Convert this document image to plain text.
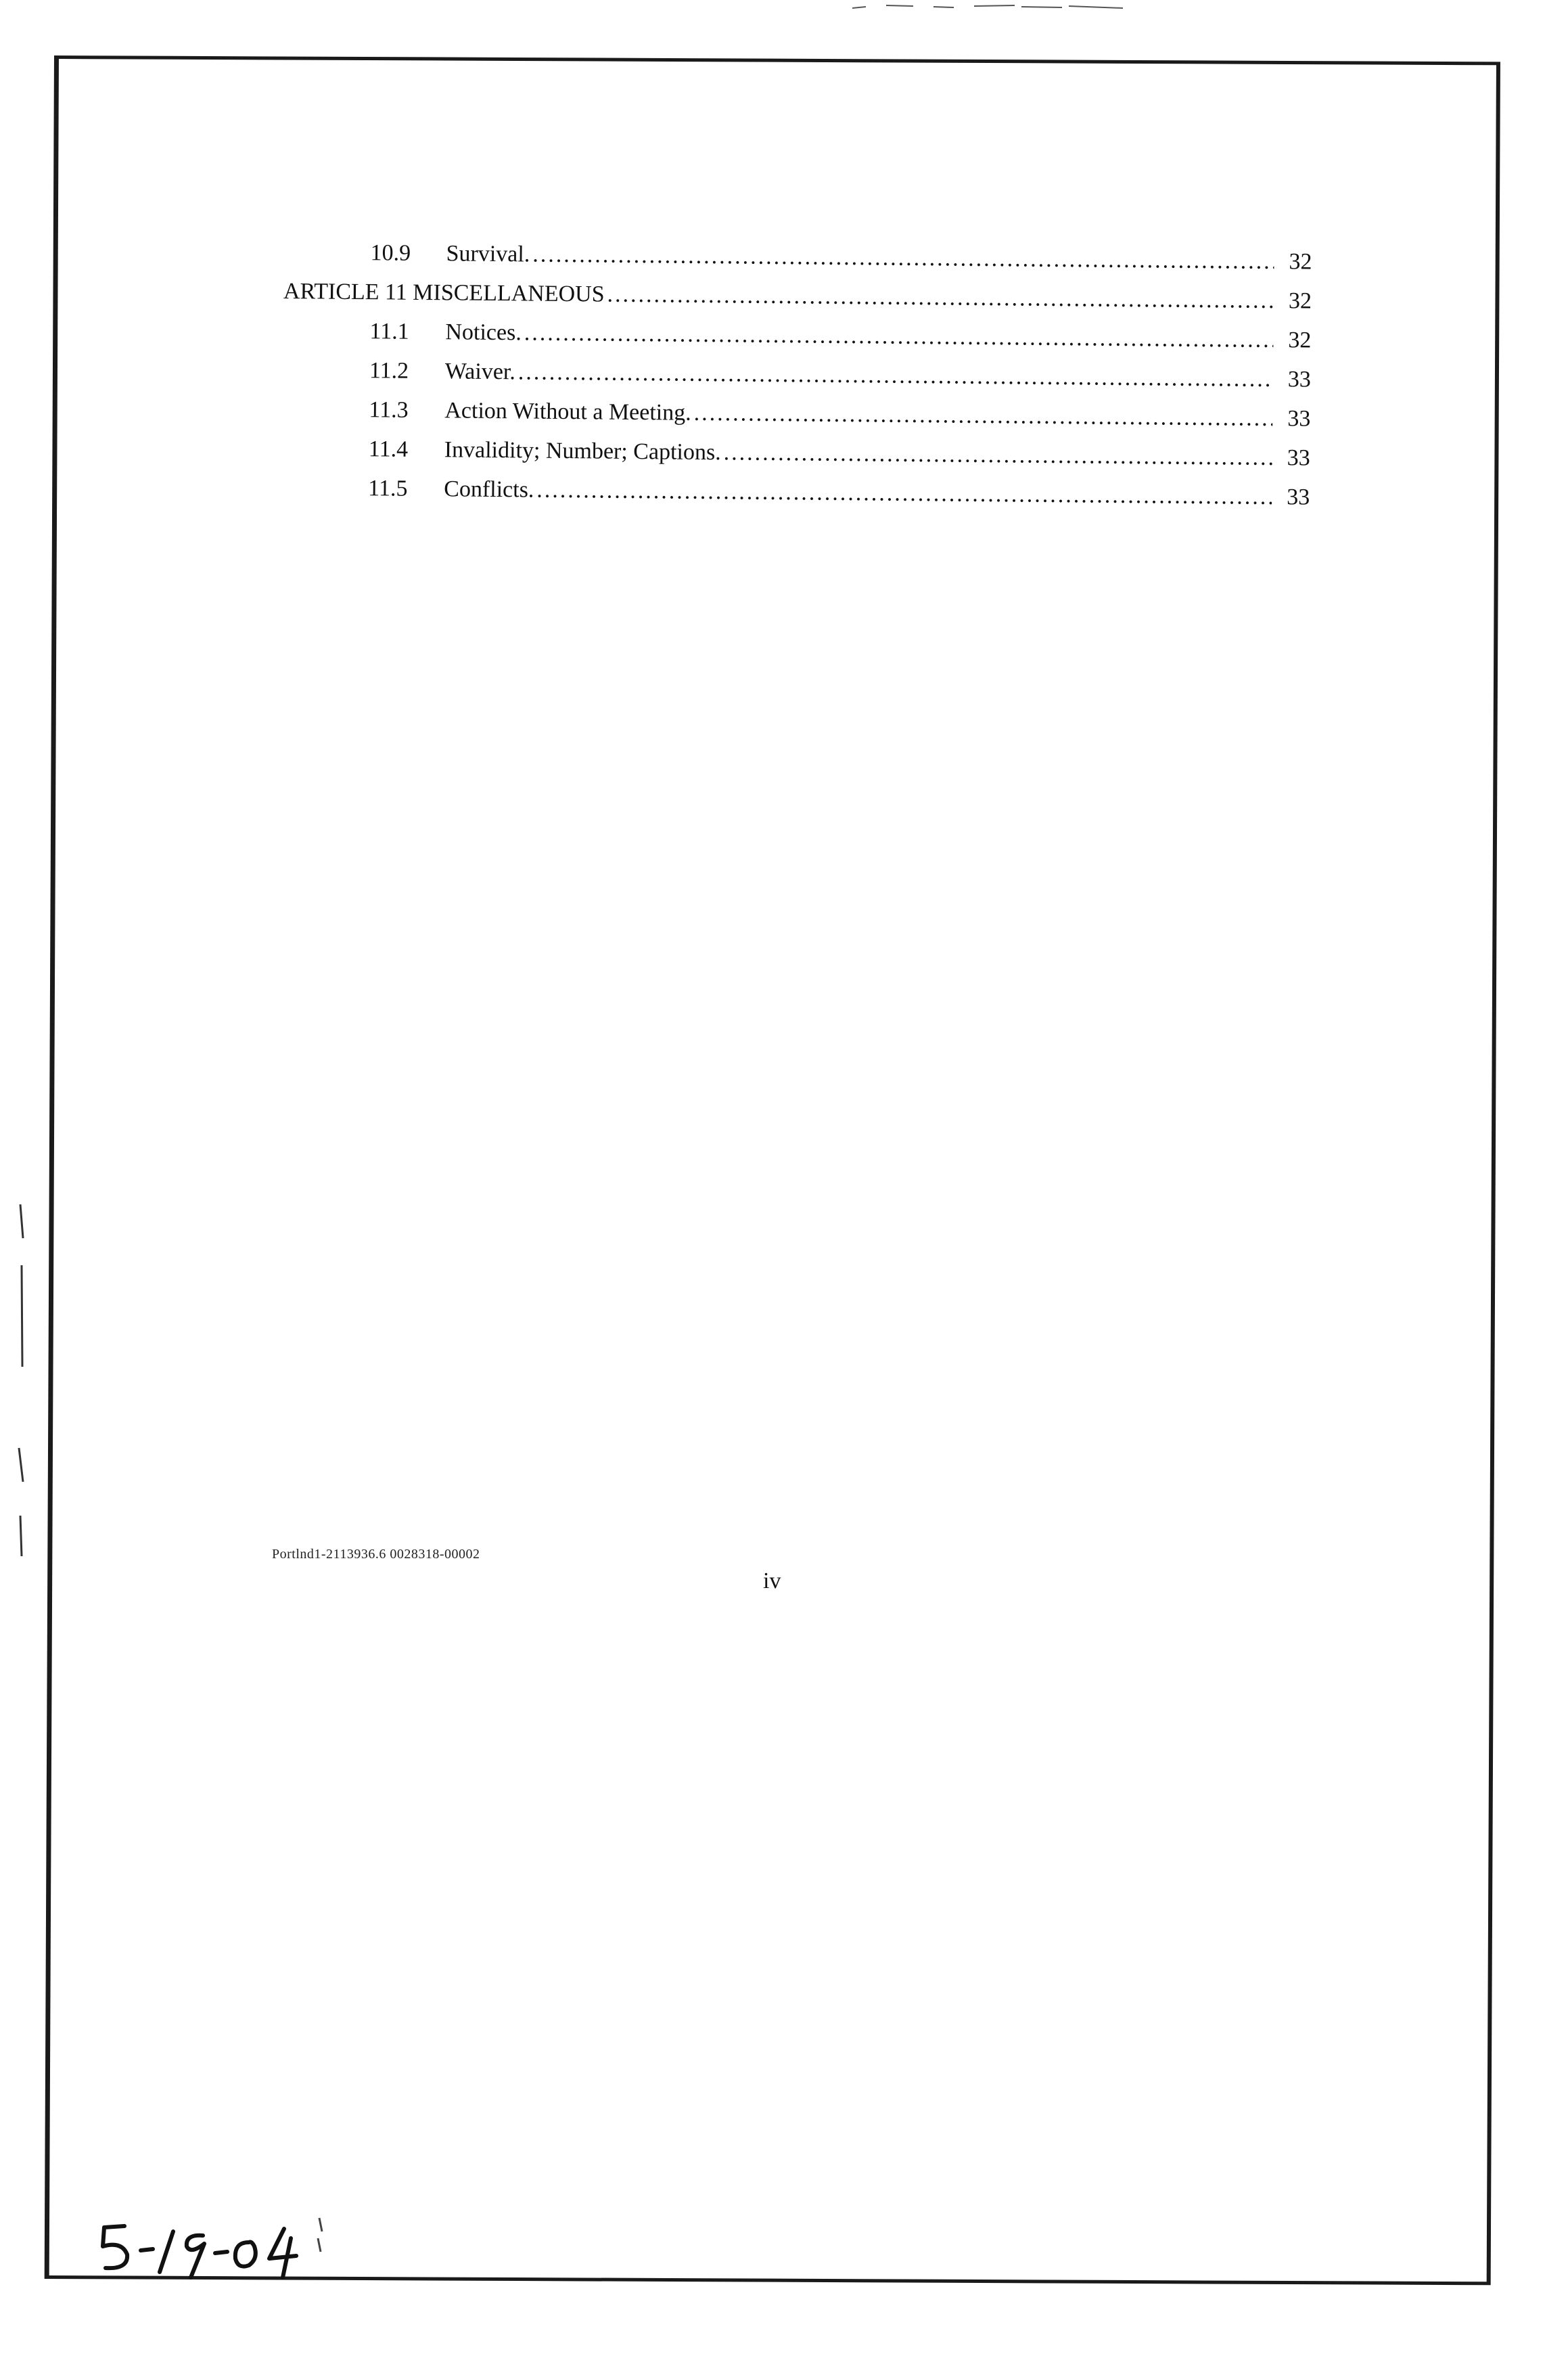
10.9	Survival. .....	32
ARTICLE 11 MISCELLANEOUS .....	32
11.1	Notices. .....	32
11.2	Waiver. .....	33
11.3	Action Without a Meeting. .....	33
11.4	Invalidity; Number; Captions. .....	33
11.5	Conflicts. .....	33
Portlnd1-2113936.6 0028318-00002
iv
